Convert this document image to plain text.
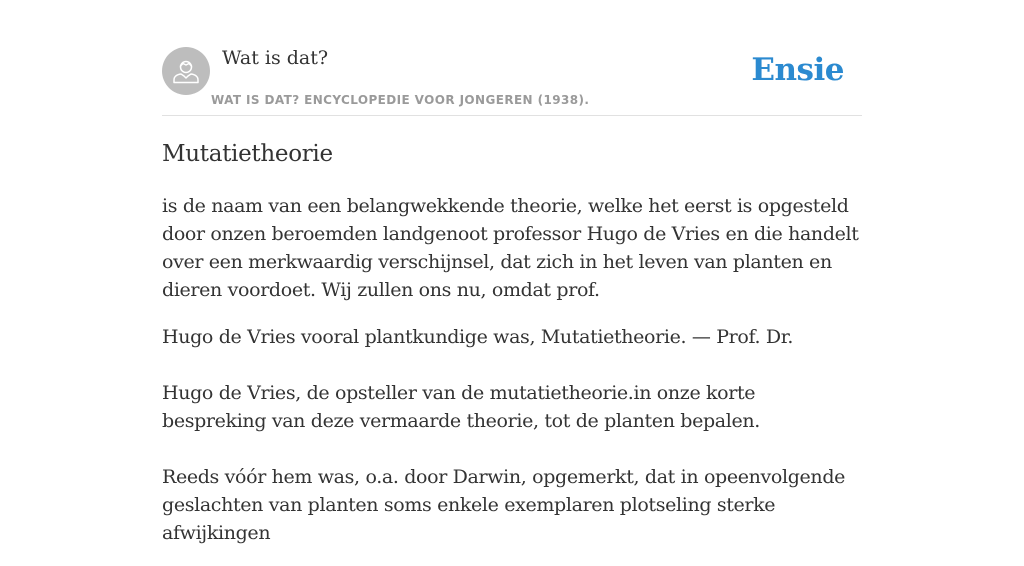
Wat is dat?
WAT IS DAT? ENCYCLOPEDIE VOOR JONGEREN (1938).
Ensie
Mutatietheorie

is de naam van een belangwekkende theorie, welke het eerst is opgesteld door onzen beroemden landgenoot professor Hugo de Vries en die handelt over een merkwaardig verschijnsel, dat zich in het leven van planten en dieren voordoet. Wij zullen ons nu, omdat prof.

Hugo de Vries vooral plantkundige was, Mutatietheorie. — Prof. Dr.

Hugo de Vries, de opsteller van de mutatietheorie.in onze korte bespreking van deze vermaarde theorie, tot de planten bepalen.

Reeds vóór hem was, o.a. door Darwin, opgemerkt, dat in opeenvolgende geslachten van planten soms enkele exemplaren plotseling sterke afwijkingen
